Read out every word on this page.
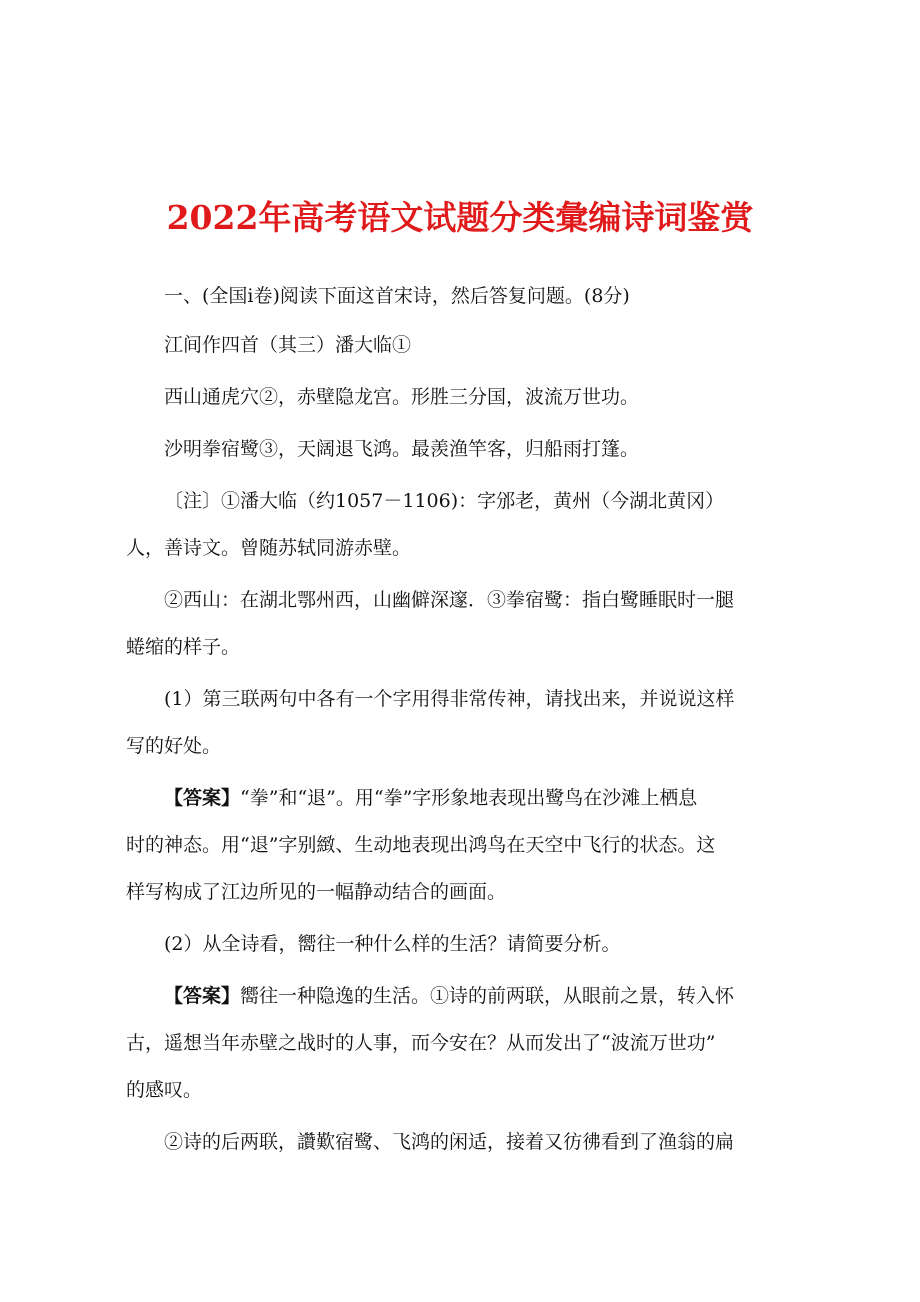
2022年高考语文试题分类彙编诗词鉴赏

一、(全国ⅰ卷)阅读下面这首宋诗，然后答复问题。(8分)

江间作四首（其三）潘大临①

西山通虎穴②，赤壁隐龙宫。形胜三分国，波流万世功。

沙明拳宿鹭③，天阔退飞鸿。最羡渔竿客，归船雨打篷。

〔注〕①潘大临（约1057－1106)：字邠老，黄州（今湖北黄冈）

人，善诗文。曾随苏轼同游赤壁。

②西山：在湖北鄂州西，山幽僻深邃．③拳宿鹭：指白鹭睡眠时一腿

蜷缩的样子。

(1）第三联两句中各有一个字用得非常传神，请找出来，并说说这样

写的好处。

【答案】“拳”和“退”。用“拳”字形象地表现出鹭鸟在沙滩上栖息

时的神态。用“退”字别緻、生动地表现出鸿鸟在天空中飞行的状态。这

样写构成了江边所见的一幅静动结合的画面。

(2）从全诗看，嚮往一种什么样的生活？请简要分析。

【答案】嚮往一种隐逸的生活。①诗的前两联，从眼前之景，转入怀

古，遥想当年赤壁之战时的人事，而今安在？从而发出了“波流万世功”

的感叹。

②诗的后两联，讚歎宿鹭、飞鸿的闲适，接着又彷彿看到了渔翁的扁
